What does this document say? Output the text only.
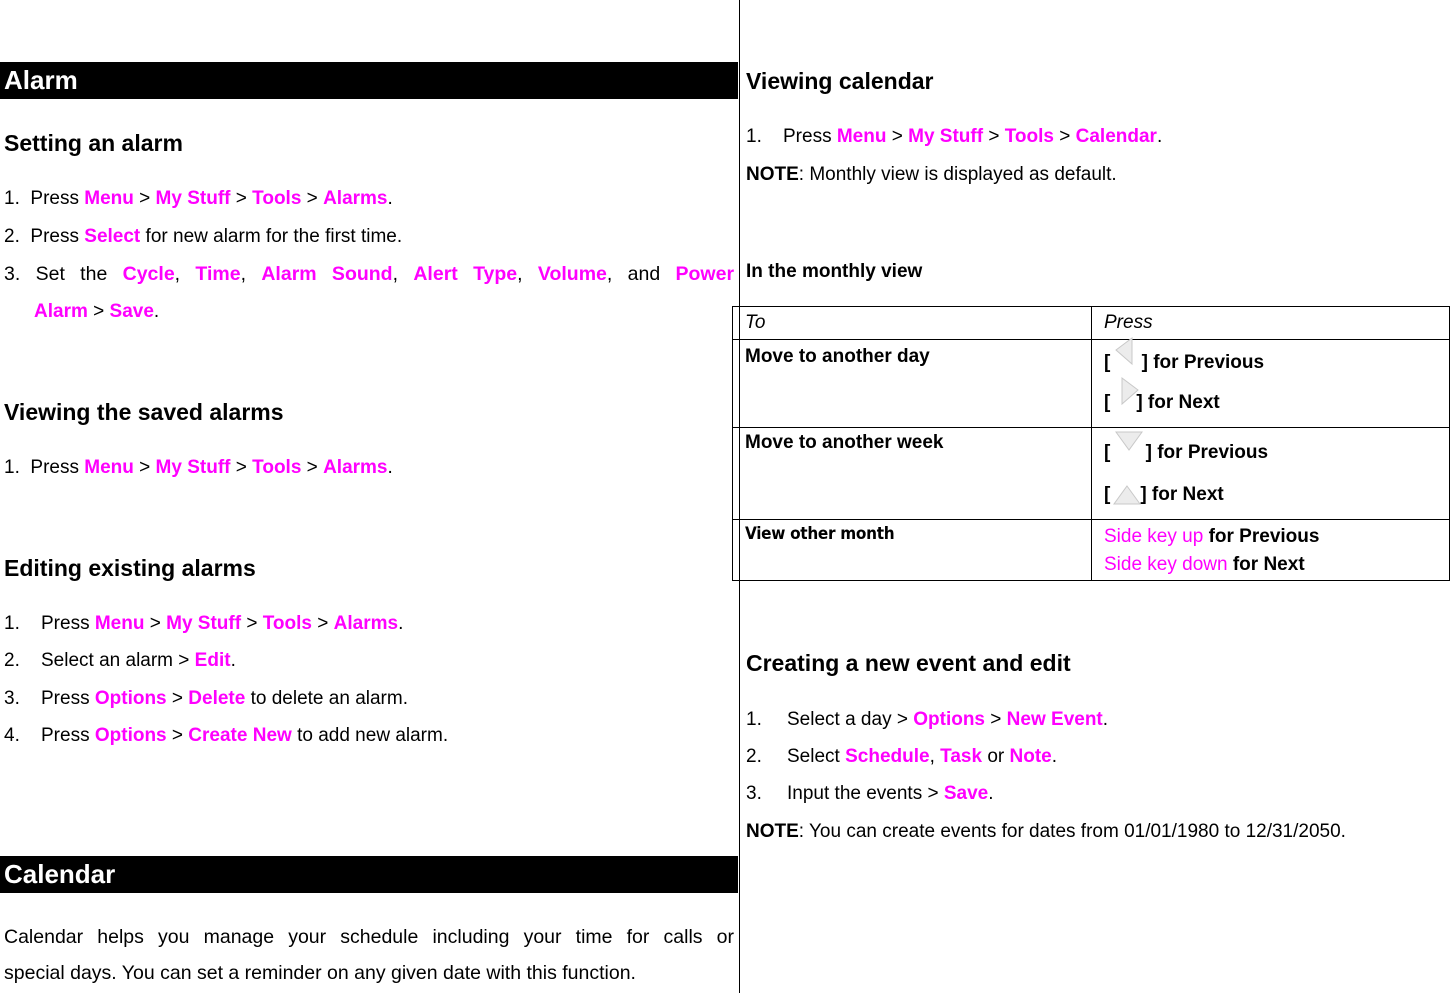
Alarm
Setting an alarm
1. Press Menu > My Stuff > Tools > Alarms.
2. Press Select for new alarm for the first time.
3. Set the Cycle, Time, Alarm Sound, Alert Type, Volume, and Power
Alarm > Save.
Viewing the saved alarms
1. Press Menu > My Stuff > Tools > Alarms.
Editing existing alarms
1. Press Menu > My Stuff > Tools > Alarms.
2. Select an alarm > Edit.
3. Press Options > Delete to delete an alarm.
4. Press Options > Create New to add new alarm.
Calendar
Calendar helps you manage your schedule including your time for calls or
special days. You can set a reminder on any given date with this function.
Viewing calendar
1. Press Menu > My Stuff > Tools > Calendar.
NOTE: Monthly view is displayed as default.
In the monthly view
To	Press
Move to another day	[ ] for Previous
[ ] for Next

Move to another week	[ ] for Previous
[ ] for Next

View other month	Side key up for Previous
Side key down for Next
Creating a new event and edit
1. Select a day > Options > New Event.
2. Select Schedule, Task or Note.
3. Input the events > Save.
NOTE: You can create events for dates from 01/01/1980 to 12/31/2050.
